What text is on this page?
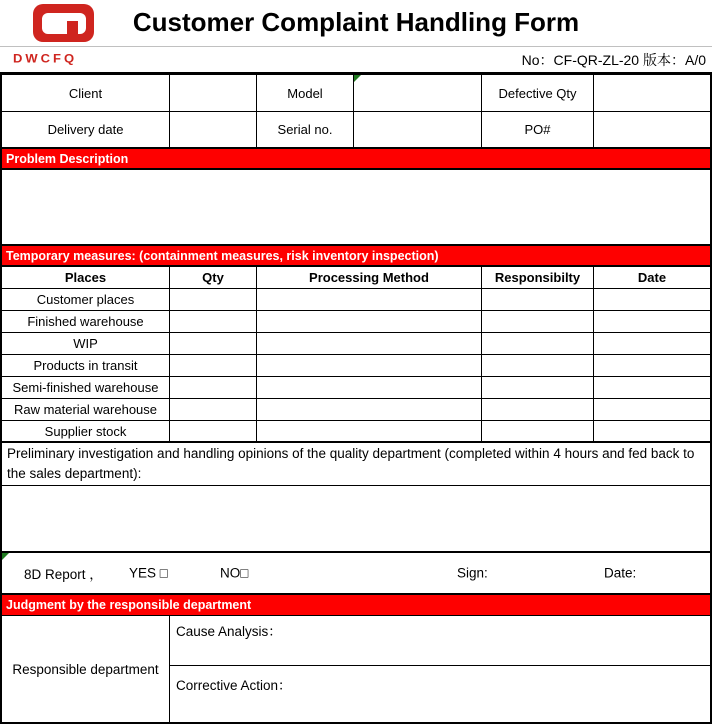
Customer Complaint Handling Form
DWCFQ	No：CF-QR-ZL-20 版本：A/0
Client	Model	Defective Qty
Delivery date	Serial no.	PO#
Problem Description
Temporary measures: (containment measures, risk inventory inspection)
Places	Qty	Processing Method	Responsibilty	Date
Customer places
Finished warehouse
WIP
Products in transit
Semi-finished warehouse
Raw material warehouse
Supplier stock
Preliminary investigation and handling opinions of the quality department (completed within 4 hours and fed back to the sales department):
8D Report ， YES □	NO□	Sign:	Date:
Judgment by the responsible department
Responsible department
Cause Analysis：
Corrective Action：
